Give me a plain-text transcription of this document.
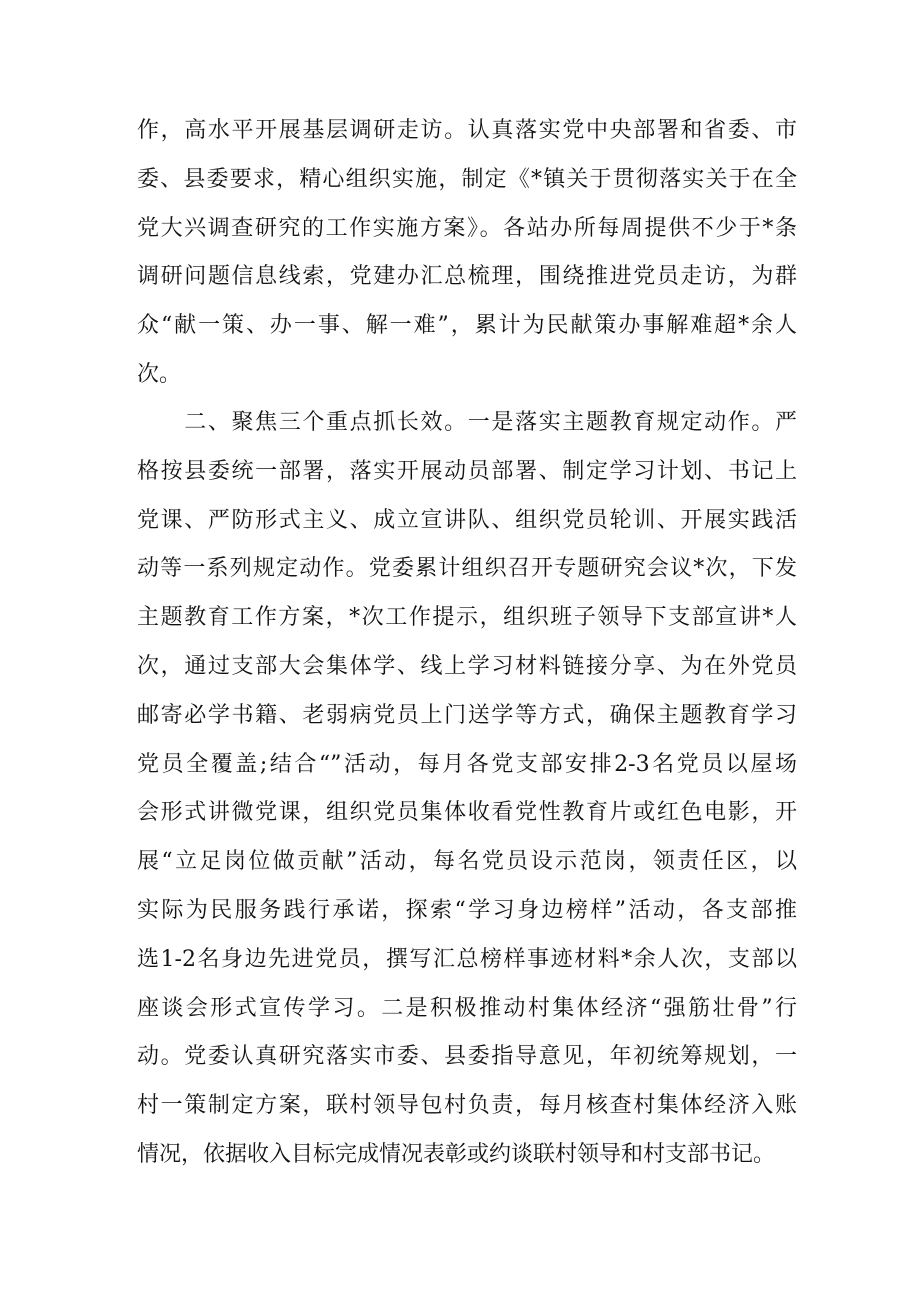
作，高水平开展基层调研走访。认真落实党中央部署和省委、市
委、县委要求，精心组织实施，制定《*镇关于贯彻落实关于在全
党大兴调查研究的工作实施方案》。各站办所每周提供不少于*条
调研问题信息线索，党建办汇总梳理，围绕推进党员走访，为群
众“献一策、办一事、解一难”，累计为民献策办事解难超*余人
次。
　　二、聚焦三个重点抓长效。一是落实主题教育规定动作。严
格按县委统一部署，落实开展动员部署、制定学习计划、书记上
党课、严防形式主义、成立宣讲队、组织党员轮训、开展实践活
动等一系列规定动作。党委累计组织召开专题研究会议*次，下发
主题教育工作方案，*次工作提示，组织班子领导下支部宣讲*人
次，通过支部大会集体学、线上学习材料链接分享、为在外党员
邮寄必学书籍、老弱病党员上门送学等方式，确保主题教育学习
党员全覆盖;结合“”活动，每月各党支部安排2-3名党员以屋场
会形式讲微党课，组织党员集体收看党性教育片或红色电影，开
展“立足岗位做贡献”活动，每名党员设示范岗，领责任区，以
实际为民服务践行承诺，探索“学习身边榜样”活动，各支部推
选1-2名身边先进党员，撰写汇总榜样事迹材料*余人次，支部以
座谈会形式宣传学习。二是积极推动村集体经济“强筋壮骨”行
动。党委认真研究落实市委、县委指导意见，年初统筹规划，一
村一策制定方案，联村领导包村负责，每月核查村集体经济入账
情况，依据收入目标完成情况表彰或约谈联村领导和村支部书记。
